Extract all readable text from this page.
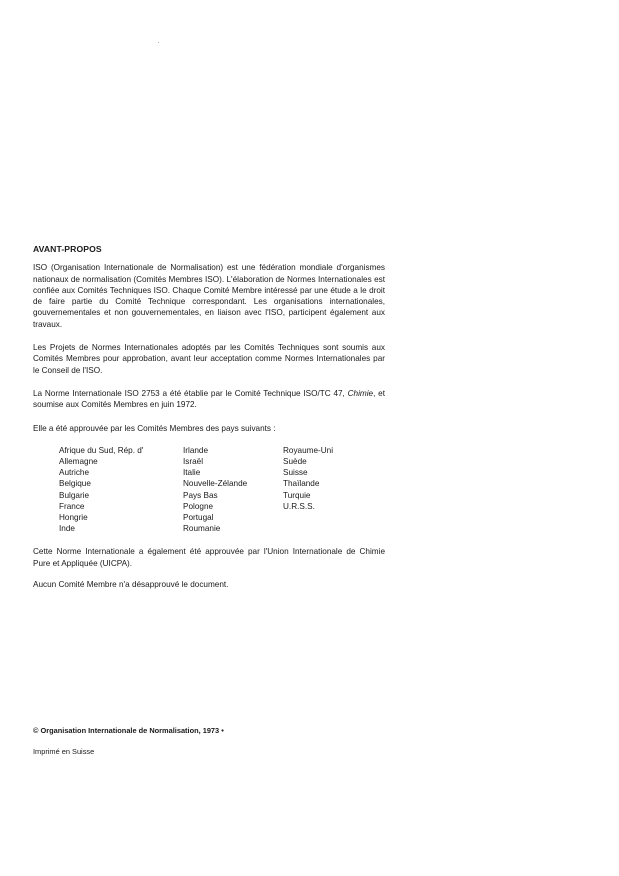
AVANT-PROPOS

ISO (Organisation Internationale de Normalisation) est une fédération mondiale d'organismes nationaux de normalisation (Comités Membres ISO). L'élaboration de Normes Internationales est confiée aux Comités Techniques ISO. Chaque Comité Membre intéressé par une étude a le droit de faire partie du Comité Technique correspondant. Les organisations internationales, gouvernementales et non gouvernementales, en liaison avec l'ISO, participent également aux travaux.

Les Projets de Normes Internationales adoptés par les Comités Techniques sont soumis aux Comités Membres pour approbation, avant leur acceptation comme Normes Internationales par le Conseil de l'ISO.

La Norme Internationale ISO 2753 a été établie par le Comité Technique ISO/TC 47, Chimie, et soumise aux Comités Membres en juin 1972.

Elle a été approuvée par les Comités Membres des pays suivants :

Afrique du Sud, Rép. d'
Allemagne
Autriche
Belgique
Bulgarie
France
Hongrie
Inde
Irlande
Israël
Italie
Nouvelle-Zélande
Pays Bas
Pologne
Portugal
Roumanie
Royaume-Uni
Suède
Suisse
Thaïlande
Turquie
U.R.S.S.

Cette Norme Internationale a également été approuvée par l'Union Internationale de Chimie Pure et Appliquée (UICPA).

Aucun Comité Membre n'a désapprouvé le document.

© Organisation Internationale de Normalisation, 1973 •
Imprimé en Suisse
